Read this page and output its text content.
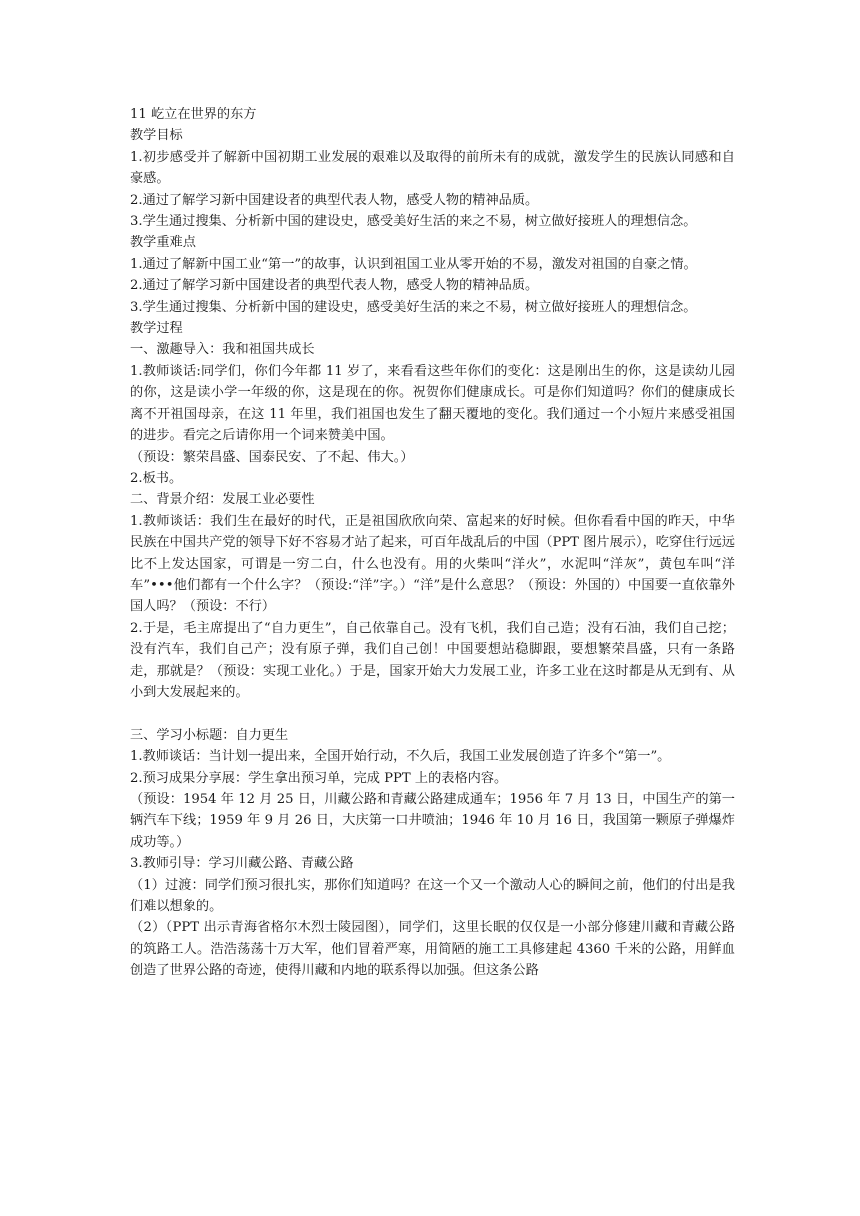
11 屹立在世界的东方

教学目标

1.初步感受并了解新中国初期工业发展的艰难以及取得的前所未有的成就，激发学生的民族认同感和自豪感。

2.通过了解学习新中国建设者的典型代表人物，感受人物的精神品质。

3.学生通过搜集、分析新中国的建设史，感受美好生活的来之不易，树立做好接班人的理想信念。

教学重难点

1.通过了解新中国工业“第一”的故事，认识到祖国工业从零开始的不易，激发对祖国的自豪之情。

2.通过了解学习新中国建设者的典型代表人物，感受人物的精神品质。

3.学生通过搜集、分析新中国的建设史，感受美好生活的来之不易，树立做好接班人的理想信念。

教学过程

一、激趣导入：我和祖国共成长

1.教师谈话:同学们，你们今年都 11 岁了，来看看这些年你们的变化：这是刚出生的你，这是读幼儿园的你，这是读小学一年级的你，这是现在的你。祝贺你们健康成长。可是你们知道吗？你们的健康成长离不开祖国母亲，在这 11 年里，我们祖国也发生了翻天覆地的变化。我们通过一个小短片来感受祖国的进步。看完之后请你用一个词来赞美中国。

（预设：繁荣昌盛、国泰民安、了不起、伟大。）

2.板书。

二、背景介绍：发展工业必要性

1.教师谈话：我们生在最好的时代，正是祖国欣欣向荣、富起来的好时候。但你看看中国的昨天，中华民族在中国共产党的领导下好不容易才站了起来，可百年战乱后的中国（PPT 图片展示），吃穿住行远远比不上发达国家，可谓是一穷二白，什么也没有。用的火柴叫“洋火”，水泥叫“洋灰”，黄包车叫“洋车”•••他们都有一个什么字？（预设:“洋”字。）“洋”是什么意思？（预设：外国的）中国要一直依靠外国人吗？（预设：不行）

2.于是，毛主席提出了“自力更生”，自己依靠自己。没有飞机，我们自己造；没有石油，我们自己挖；没有汽车，我们自己产；没有原子弹，我们自己创！中国要想站稳脚跟，要想繁荣昌盛，只有一条路走，那就是？（预设：实现工业化。）于是，国家开始大力发展工业，许多工业在这时都是从无到有、从小到大发展起来的。

三、学习小标题：自力更生

1.教师谈话：当计划一提出来，全国开始行动，不久后，我国工业发展创造了许多个“第一”。

2.预习成果分享展：学生拿出预习单，完成 PPT 上的表格内容。

（预设：1954 年 12 月 25 日，川藏公路和青藏公路建成通车；1956 年 7 月 13 日，中国生产的第一辆汽车下线；1959 年 9 月 26 日，大庆第一口井喷油；1946 年 10 月 16 日，我国第一颗原子弹爆炸成功等。）

3.教师引导：学习川藏公路、青藏公路

（1）过渡：同学们预习很扎实，那你们知道吗？在这一个又一个激动人心的瞬间之前，他们的付出是我们难以想象的。

（2）（PPT 出示青海省格尔木烈士陵园图），同学们，这里长眠的仅仅是一小部分修建川藏和青藏公路的筑路工人。浩浩荡荡十万大军，他们冒着严寒，用简陋的施工工具修建起 4360 千米的公路，用鲜血创造了世界公路的奇迹，使得川藏和内地的联系得以加强。但这条公路
